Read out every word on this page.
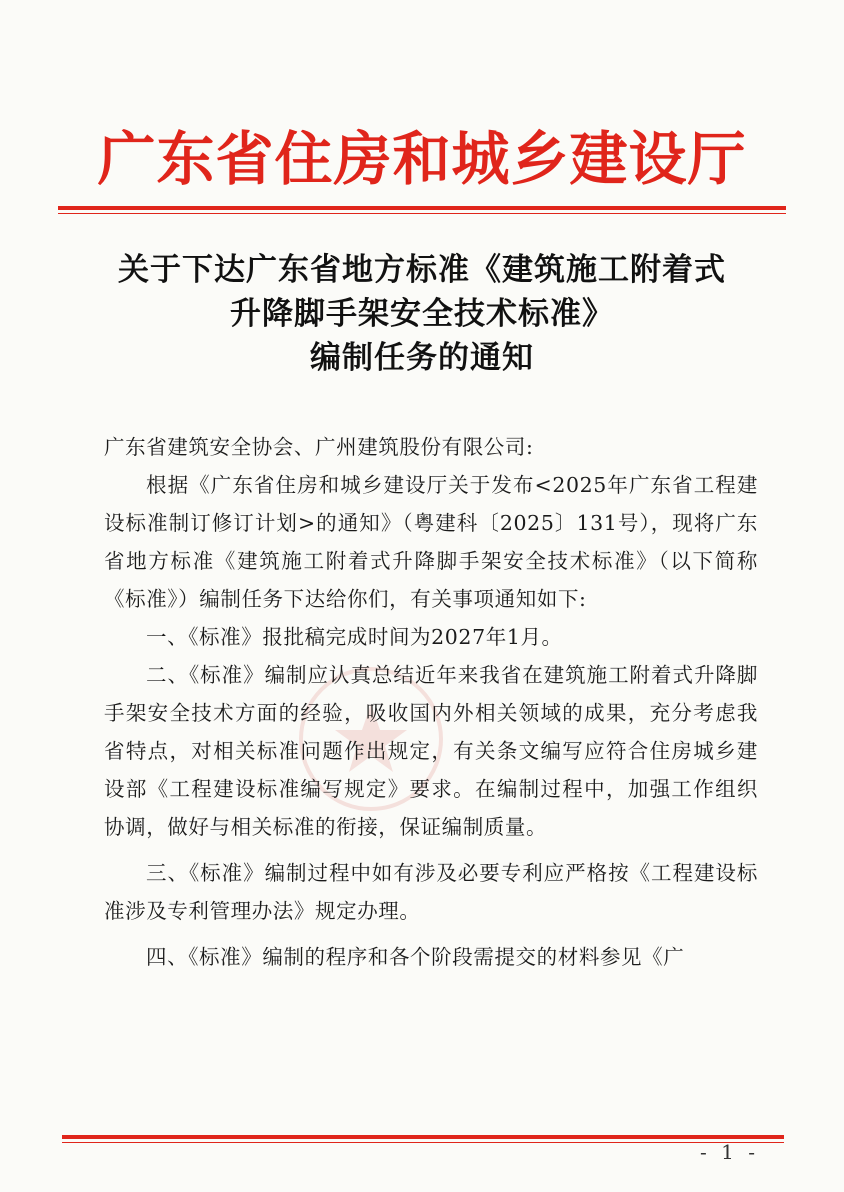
广东省住房和城乡建设厅
关于下达广东省地方标准《建筑施工附着式
升降脚手架安全技术标准》
编制任务的通知

广东省建筑安全协会、广州建筑股份有限公司:

根据《广东省住房和城乡建设厅关于发布<2025年广东省工程建设标准制订修订计划>的通知》（粤建科〔2025〕131号），现将广东省地方标准《建筑施工附着式升降脚手架安全技术标准》（以下简称《标准》）编制任务下达给你们，有关事项通知如下:

一、《标准》报批稿完成时间为2027年1月。

二、《标准》编制应认真总结近年来我省在建筑施工附着式升降脚手架安全技术方面的经验，吸收国内外相关领域的成果，充分考虑我省特点，对相关标准问题作出规定，有关条文编写应符合住房城乡建设部《工程建设标准编写规定》要求。在编制过程中，加强工作组织协调，做好与相关标准的衔接，保证编制质量。

三、《标准》编制过程中如有涉及必要专利应严格按《工程建设标准涉及专利管理办法》规定办理。

四、《标准》编制的程序和各个阶段需提交的材料参见《广

- 1 -
